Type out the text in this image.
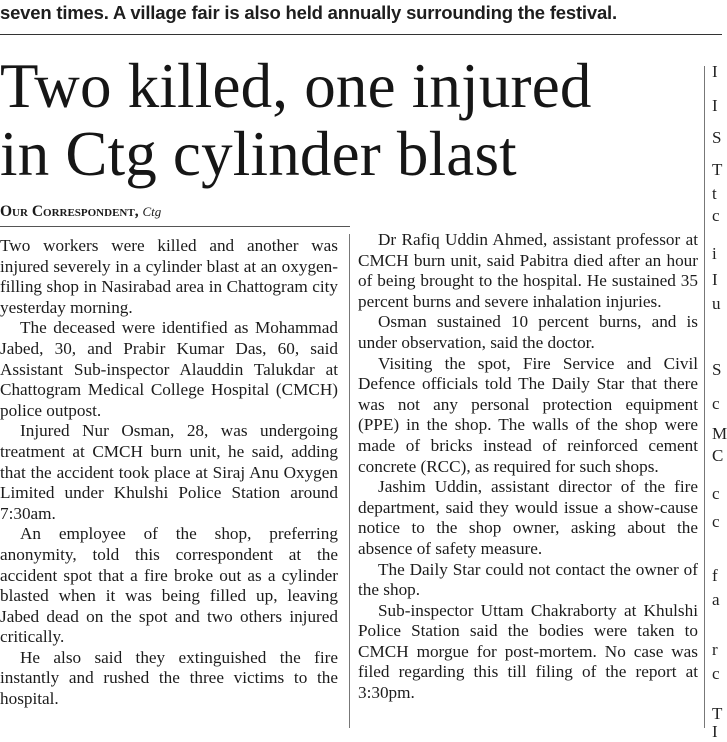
seven times. A village fair is also held annually surrounding the festival.
Two killed, one injured
in Ctg cylinder blast
Our Correspondent, Ctg

Two workers were killed and another was injured severely in a cylinder blast at an oxygen-filling shop in Nasirabad area in Chattogram city yesterday morning.

The deceased were identified as Mohammad Jabed, 30, and Prabir Kumar Das, 60, said Assistant Sub-inspector Alauddin Talukdar at Chattogram Medical College Hospital (CMCH) police outpost.

Injured Nur Osman, 28, was undergoing treatment at CMCH burn unit, he said, adding that the accident took place at Siraj Anu Oxygen Limited under Khulshi Police Station around 7:30am.

An employee of the shop, preferring anonymity, told this correspondent at the accident spot that a fire broke out as a cylinder blasted when it was being filled up, leaving Jabed dead on the spot and two others injured critically.

He also said they extinguished the fire instantly and rushed the three victims to the hospital.

Dr Rafiq Uddin Ahmed, assistant professor at CMCH burn unit, said Pabitra died after an hour of being brought to the hospital. He sustained 35 percent burns and severe inhalation injuries.

Osman sustained 10 percent burns, and is under observation, said the doctor.

Visiting the spot, Fire Service and Civil Defence officials told The Daily Star that there was not any personal protection equipment (PPE) in the shop. The walls of the shop were made of bricks instead of reinforced cement concrete (RCC), as required for such shops.

Jashim Uddin, assistant director of the fire department, said they would issue a show-cause notice to the shop owner, asking about the absence of safety measure.

The Daily Star could not contact the owner of the shop.

Sub-inspector Uttam Chakraborty at Khulshi Police Station said the bodies were taken to CMCH morgue for post-mortem. No case was filed regarding this till filing of the report at 3:30pm.

I
I
S
T
t
c
i
I
u
S
c
M
C
c
c
f
a
r
c
T
I
